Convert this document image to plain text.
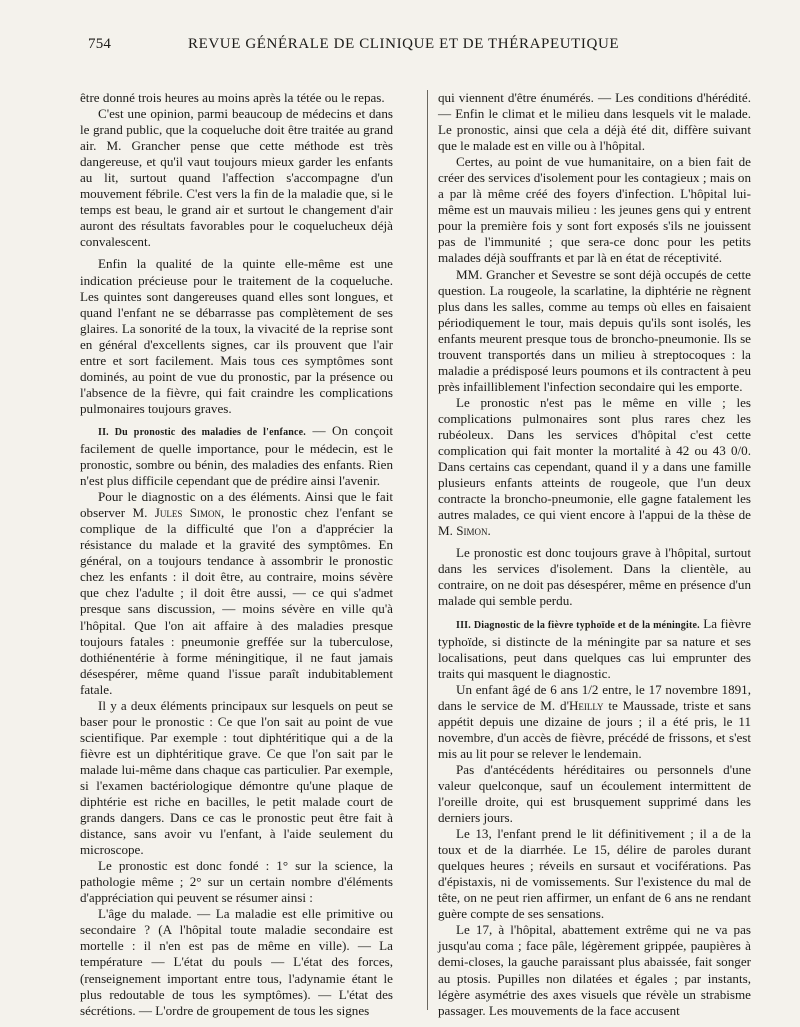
754	REVUE GÉNÉRALE DE CLINIQUE ET DE THÉRAPEUTIQUE

être donné trois heures au moins après la tétée ou le repas.

C'est une opinion, parmi beaucoup de médecins et dans le grand public, que la coqueluche doit être traitée au grand air. M. Grancher pense que cette méthode est très dangereuse, et qu'il vaut toujours mieux garder les enfants au lit, surtout quand l'affection s'accompagne d'un mouvement fébrile. C'est vers la fin de la maladie que, si le temps est beau, le grand air et surtout le changement d'air auront des résultats favorables pour le coquelucheux déjà convalescent.

Enfin la qualité de la quinte elle-même est une indication précieuse pour le traitement de la coqueluche. Les quintes sont dangereuses quand elles sont longues, et quand l'enfant ne se débarrasse pas complètement de ses glaires. La sonorité de la toux, la vivacité de la reprise sont en général d'excellents signes, car ils prouvent que l'air entre et sort facilement. Mais tous ces symptômes sont dominés, au point de vue du pronostic, par la présence ou l'absence de la fièvre, qui fait craindre les complications pulmonaires toujours graves.

II. Du pronostic des maladies de l'enfance. — On conçoit facilement de quelle importance, pour le médecin, est le pronostic, sombre ou bénin, des maladies des enfants. Rien n'est plus difficile cependant que de prédire ainsi l'avenir.

Pour le diagnostic on a des éléments. Ainsi que le fait observer M. Jules Simon, le pronostic chez l'enfant se complique de la difficulté que l'on a d'apprécier la résistance du malade et la gravité des symptômes. En général, on a toujours tendance à assombrir le pronostic chez les enfants : il doit être, au contraire, moins sévère que chez l'adulte ; il doit être aussi, — ce qui s'admet presque sans discussion, — moins sévère en ville qu'à l'hôpital. Que l'on ait affaire à des maladies presque toujours fatales : pneumonie greffée sur la tuberculose, dothiénentérie à forme méningitique, il ne faut jamais désespérer, même quand l'issue paraît indubitablement fatale.

Il y a deux éléments principaux sur lesquels on peut se baser pour le pronostic : Ce que l'on sait au point de vue scientifique. Par exemple : tout diphtéritique qui a de la fièvre est un diphtéritique grave. Ce que l'on sait par le malade lui-même dans chaque cas particulier. Par exemple, si l'examen bactériologique démontre qu'une plaque de diphtérie est riche en bacilles, le petit malade court de grands dangers. Dans ce cas le pronostic peut être fait à distance, sans avoir vu l'enfant, à l'aide seulement du microscope.

Le pronostic est donc fondé : 1° sur la science, la pathologie même ; 2° sur un certain nombre d'éléments d'appréciation qui peuvent se résumer ainsi :

L'âge du malade. — La maladie est elle primitive ou secondaire ? (A l'hôpital toute maladie secondaire est mortelle : il n'en est pas de même en ville). — La température — L'état du pouls — L'état des forces, (renseignement important entre tous, l'adynamie étant le plus redoutable de tous les symptômes). — L'état des sécrétions. — L'ordre de groupement de tous les signes

qui viennent d'être énumérés. — Les conditions d'hérédité. — Enfin le climat et le milieu dans lesquels vit le malade. Le pronostic, ainsi que cela a déjà été dit, diffère suivant que le malade est en ville ou à l'hôpital.

Certes, au point de vue humanitaire, on a bien fait de créer des services d'isolement pour les contagieux ; mais on a par là même créé des foyers d'infection. L'hôpital lui-même est un mauvais milieu : les jeunes gens qui y entrent pour la première fois y sont fort exposés s'ils ne jouissent pas de l'immunité ; que sera-ce donc pour les petits malades déjà souffrants et par là en état de réceptivité.

MM. Grancher et Sevestre se sont déjà occupés de cette question. La rougeole, la scarlatine, la diphtérie ne règnent plus dans les salles, comme au temps où elles en faisaient périodiquement le tour, mais depuis qu'ils sont isolés, les enfants meurent presque tous de broncho-pneumonie. Ils se trouvent transportés dans un milieu à streptocoques : la maladie a prédisposé leurs poumons et ils contractent à peu près infailliblement l'infection secondaire qui les emporte.

Le pronostic n'est pas le même en ville ; les complications pulmonaires sont plus rares chez les rubéoleux. Dans les services d'hôpital c'est cette complication qui fait monter la mortalité à 42 ou 43 0/0. Dans certains cas cependant, quand il y a dans une famille plusieurs enfants atteints de rougeole, que l'un deux contracte la broncho-pneumonie, elle gagne fatalement les autres malades, ce qui vient encore à l'appui de la thèse de M. Simon.

Le pronostic est donc toujours grave à l'hôpital, surtout dans les services d'isolement. Dans la clientèle, au contraire, on ne doit pas désespérer, même en présence d'un malade qui semble perdu.

III. Diagnostic de la fièvre typhoïde et de la méningite. La fièvre typhoïde, si distincte de la méningite par sa nature et ses localisations, peut dans quelques cas lui emprunter des traits qui masquent le diagnostic.

Un enfant âgé de 6 ans 1/2 entre, le 17 novembre 1891, dans le service de M. d'Heilly te Maussade, triste et sans appétit depuis une dizaine de jours ; il a été pris, le 11 novembre, d'un accès de fièvre, précédé de frissons, et s'est mis au lit pour se relever le lendemain.

Pas d'antécédents héréditaires ou personnels d'une valeur quelconque, sauf un écoulement intermittent de l'oreille droite, qui est brusquement supprimé dans les derniers jours.

Le 13, l'enfant prend le lit définitivement ; il a de la toux et de la diarrhée. Le 15, délire de paroles durant quelques heures ; réveils en sursaut et vociférations. Pas d'épistaxis, ni de vomissements. Sur l'existence du mal de tête, on ne peut rien affirmer, un enfant de 6 ans ne rendant guère compte de ses sensations.

Le 17, à l'hôpital, abattement extrême qui ne va pas jusqu'au coma ; face pâle, légèrement grippée, paupières à demi-closes, la gauche paraissant plus abaissée, fait songer au ptosis. Pupilles non dilatées et égales ; par instants, légère asymétrie des axes visuels que révèle un strabisme passager. Les mouvements de la face accusent
